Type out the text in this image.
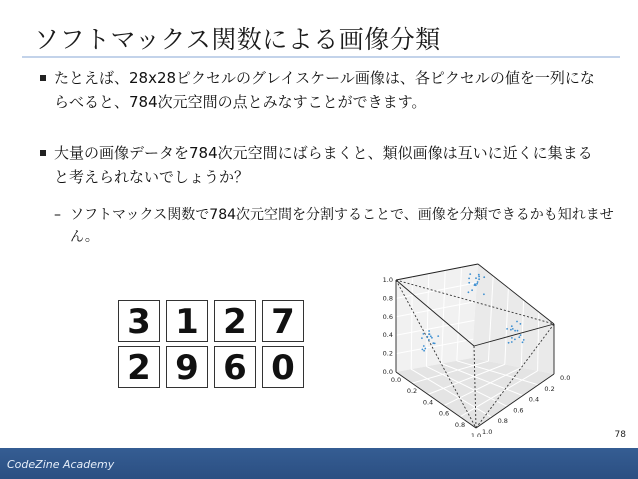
ソフトマックス関数による画像分類
たとえば、28x28ピクセルのグレイスケール画像は、各ピクセルの値を一列にならべると、784次元空間の点とみなすことができます。
大量の画像データを784次元空間にばらまくと、類似画像は互いに近くに集まると考えられないでしょうか？
– ソフトマックス関数で784次元空間を分割することで、画像を分類できるかも知れません。
3 1 2 7
2 9 6 0
1.0
0.8
0.6
0.4
0.2
0.0
0.0
0.2
0.4
0.6
0.8
1.0
0.0
0.2
0.4
0.6
0.8
1.0	78
CodeZine Academy
